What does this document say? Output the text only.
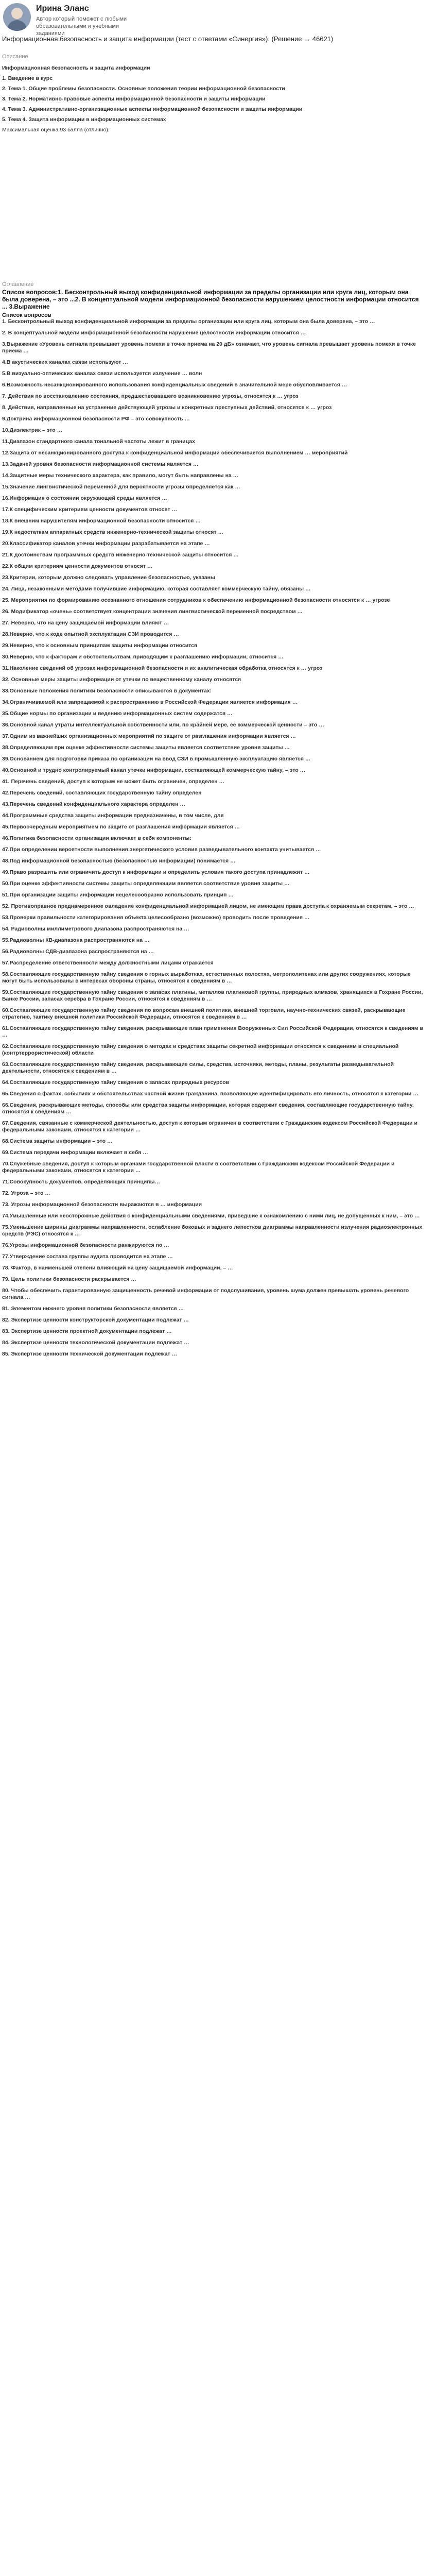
Ирина Эланс
Автор который поможет с любыми образовательными и учебными заданиями
Информационная безопасность и защита информации (тест с ответами «Синергия»). (Решение → 46621)
Описание
Информационная безопасность и защита информации
1. Введение в курс
2. Тема 1. Общие проблемы безопасности. Основные положения теории информационной безопасности
3. Тема 2. Нормативно-правовые аспекты информационной безопасности и защиты информации
4. Тема 3. Административно-организационные аспекты информационной безопасности и защиты информации
5. Тема 4. Защита информации в информационных системах
Максимальная оценка 93 балла (отлично).
Оглавление
Список вопросов:1. Бесконтрольный выход конфиденциальной информации за пределы организации или круга лиц, которым она была доверена, – это ...2. В концептуальной модели информационной безопасности нарушением целостности информации относится ... 3.Выражение
Список вопросов
1. Бесконтрольный выход конфиденциальной информации за пределы организации или круга лиц, которым она была доверена, – это …
2. В концептуальной модели информационной безопасности нарушение целостности информации относится …
3.Выражение «Уровень сигнала превышает уровень помехи в точке приема на 20 дБ» означает, что уровень сигнала превышает уровень помехи в точке приема …
4.В акустических каналах связи используют …
5.В визуально-оптических каналах связи используется излучение … волн
6.Возможность несанкционированного использования конфиденциальных сведений в значительной мере обусловливается …
7. Действия по восстановлению состояния, предшествовавшего возникновению угрозы, относятся к … угроз
8. Действия, направленные на устранение действующей угрозы и конкретных преступных действий, относятся к … угроз
9.Доктрина информационной безопасности РФ – это совокупность …
10.Диэлектрик – это …
11.Диапазон стандартного канала тональной частоты лежит в границах
12.Защита от несанкционированного доступа к конфиденциальной информации обеспечивается выполнением … мероприятий
13.Задачей уровня безопасности информационной системы является …
14.Защитные меры технического характера, как правило, могут быть направлены на …
15.Значение лингвистической переменной для вероятности угрозы определяется как …
16.Информация о состоянии окружающей среды является …
17.К специфическим критериям ценности документов относят …
18.К внешним нарушителям информационной безопасности относится …
19.К недостаткам аппаратных средств инженерно-технической защиты относят …
20.Классификатор каналов утечки информации разрабатывается на этапе …
21.К достоинствам программных средств инженерно-технической защиты относится …
22.К общим критериям ценности документов относят …
23.Критерии, которым должно следовать управление безопасностью, указаны
24. Лица, незаконными методами получившие информацию, которая составляет коммерческую тайну, обязаны …
25. Мероприятия по формированию осознанного отношения сотрудников к обеспечению информационной безопасности относятся к … угрозе
26. Модификатор «очень» соответствует концентрации значения лингвистической переменной посредством …
27. Неверно, что на цену защищаемой информации влияют …
28.Неверно, что к коде опытной эксплуатации СЗИ проводится …
29.Неверно, что к основным принципам защиты информации относится
30.Неверно, что к факторам и обстоятельствам, приводящим к разглашению информации, относится …
31.Наколение сведений об угрозах информационной безопасности и их аналитическая обработка относятся к … угроз
32. Основные меры защиты информации от утечки по вещественному каналу относятся
33.Основные положения политики безопасности описываются в документах:
34.Ограничиваемой или запрещаемой к распространению в Российской Федерации является информация …
35.Общие нормы по организации и ведению информационных систем содержатся …
36.Основной канал утраты интеллектуальной собственности или, по крайней мере, ее коммерческой ценности – это …
37.Одним из важнейших организационных мероприятий по защите от разглашения информации является …
38.Определяющим при оценке эффективности системы защиты является соответствие уровня защиты …
39.Основанием для подготовки приказа по организации на ввод СЗИ в промышленную эксплуатацию является …
40.Основной и трудно контролируемый канал утечки информации, составляющей коммерческую тайну, – это …
41. Перечень сведений, доступ к которым не может быть ограничен, определен …
42.Перечень сведений, составляющих государственную тайну определен
43.Перечень сведений конфиденциального характера определен …
44.Программные средства защиты информации предназначены, в том числе, для
45.Первоочередным мероприятием по защите от разглашения информации является …
46.Политика безопасности организации включает в себя компоненты:
47.При определении вероятности выполнения энергетического условия разведывательного контакта учитывается …
48.Под информационной безопасностью (безопасностью информации) понимается …
49.Право разрешить или ограничить доступ к информации и определить условия такого доступа принадлежит …
50.При оценке эффективности системы защиты определяющим является соответствие уровня защиты …
51.При организации защиты информации нецелесообразно использовать принцип …
52. Противоправное преднамеренное овладение конфиденциальной информацией лицом, не имеющим права доступа к охраняемым секретам, – это …
53.Проверки правильности категорирования объекта целесообразно (возможно) проводить после проведения …
54. Радиоволны миллиметрового диапазона распространяются на …
55.Радиоволны КВ-диапазона распространяются на …
56.Радиоволны СДВ-диапазона распространяются на …
57.Распределение ответственности между должностными лицами отражается
58.Составляющие государственную тайну сведения о горных выработках, естественных полостях, метрополитенах или других сооружениях, которые могут быть использованы в интересах обороны страны, относятся к сведениям в …
59.Составляющие государственную тайну сведения о запасах платины, металлов платиновой группы, природных алмазов, хранящихся в Гохране России, Банке России, запасах серебра в Гохране России, относятся к сведениям в …
60.Составляющие государственную тайну сведения по вопросам внешней политики, внешней торговли, научно-технических связей, раскрывающие стратегию, тактику внешней политики Российской Федерации, относятся к сведениям в …
61.Составляющие государственную тайну сведения, раскрывающие план применения Вооруженных Сил Российской Федерации, относятся к сведениям в …
62.Составляющие государственную тайну сведения о методах и средствах защиты секретной информации относятся к сведениям в специальной (контртеррористической) области
63.Составляющие государственную тайну сведения, раскрывающие силы, средства, источники, методы, планы, результаты разведывательной деятельности, относятся к сведениям в …
64.Составляющие государственную тайну сведения о запасах природных ресурсов
65.Сведения о фактах, событиях и обстоятельствах частной жизни гражданина, позволяющие идентифицировать его личность, относятся к категории …
66.Сведения, раскрывающие методы, способы или средства защиты информации, которая содержит сведения, составляющие государственную тайну, относятся к сведениям …
67.Сведения, связанные с коммерческой деятельностью, доступ к которым ограничен в соответствии с Гражданским кодексом Российской Федерации и федеральными законами, относятся к категории …
68.Система защиты информации – это …
69.Система передачи информации включает в себя …
70.Служебные сведения, доступ к которым органами государственной власти в соответствии с Гражданским кодексом Российской Федерации и федеральными законами, относятся к категории …
71.Совокупность документов, определяющих принципы…
72. Угроза – это …
73. Угрозы информационной безопасности выражаются в … информации
74.Умышленные или неосторожные действия с конфиденциальными сведениями, приведшие к ознакомлению с ними лиц, не допущенных к ним, – это …
75.Уменьшение ширины диаграммы направленности, ослабление боковых и заднего лепестков диаграммы направленности излучения радиоэлектронных средств (РЭС) относятся к …
76.Угрозы информационной безопасности ранжируются по …
77.Утверждение состава группы аудита проводится на этапе …
78. Фактор, в наименьшей степени влияющий на цену защищаемой информации, – …
79. Цель политики безопасности раскрывается …
80. Чтобы обеспечить гарантированную защищенность речевой информации от подслушивания, уровень шума должен превышать уровень речевого сигнала …
81. Элементом нижнего уровня политики безопасности является …
82. Экспертизе ценности конструкторской документации подлежат …
83. Экспертизе ценности проектной документации подлежат …
84. Экспертизе ценности технологической документации подлежат …
85. Экспертизе ценности технической документации подлежат …
